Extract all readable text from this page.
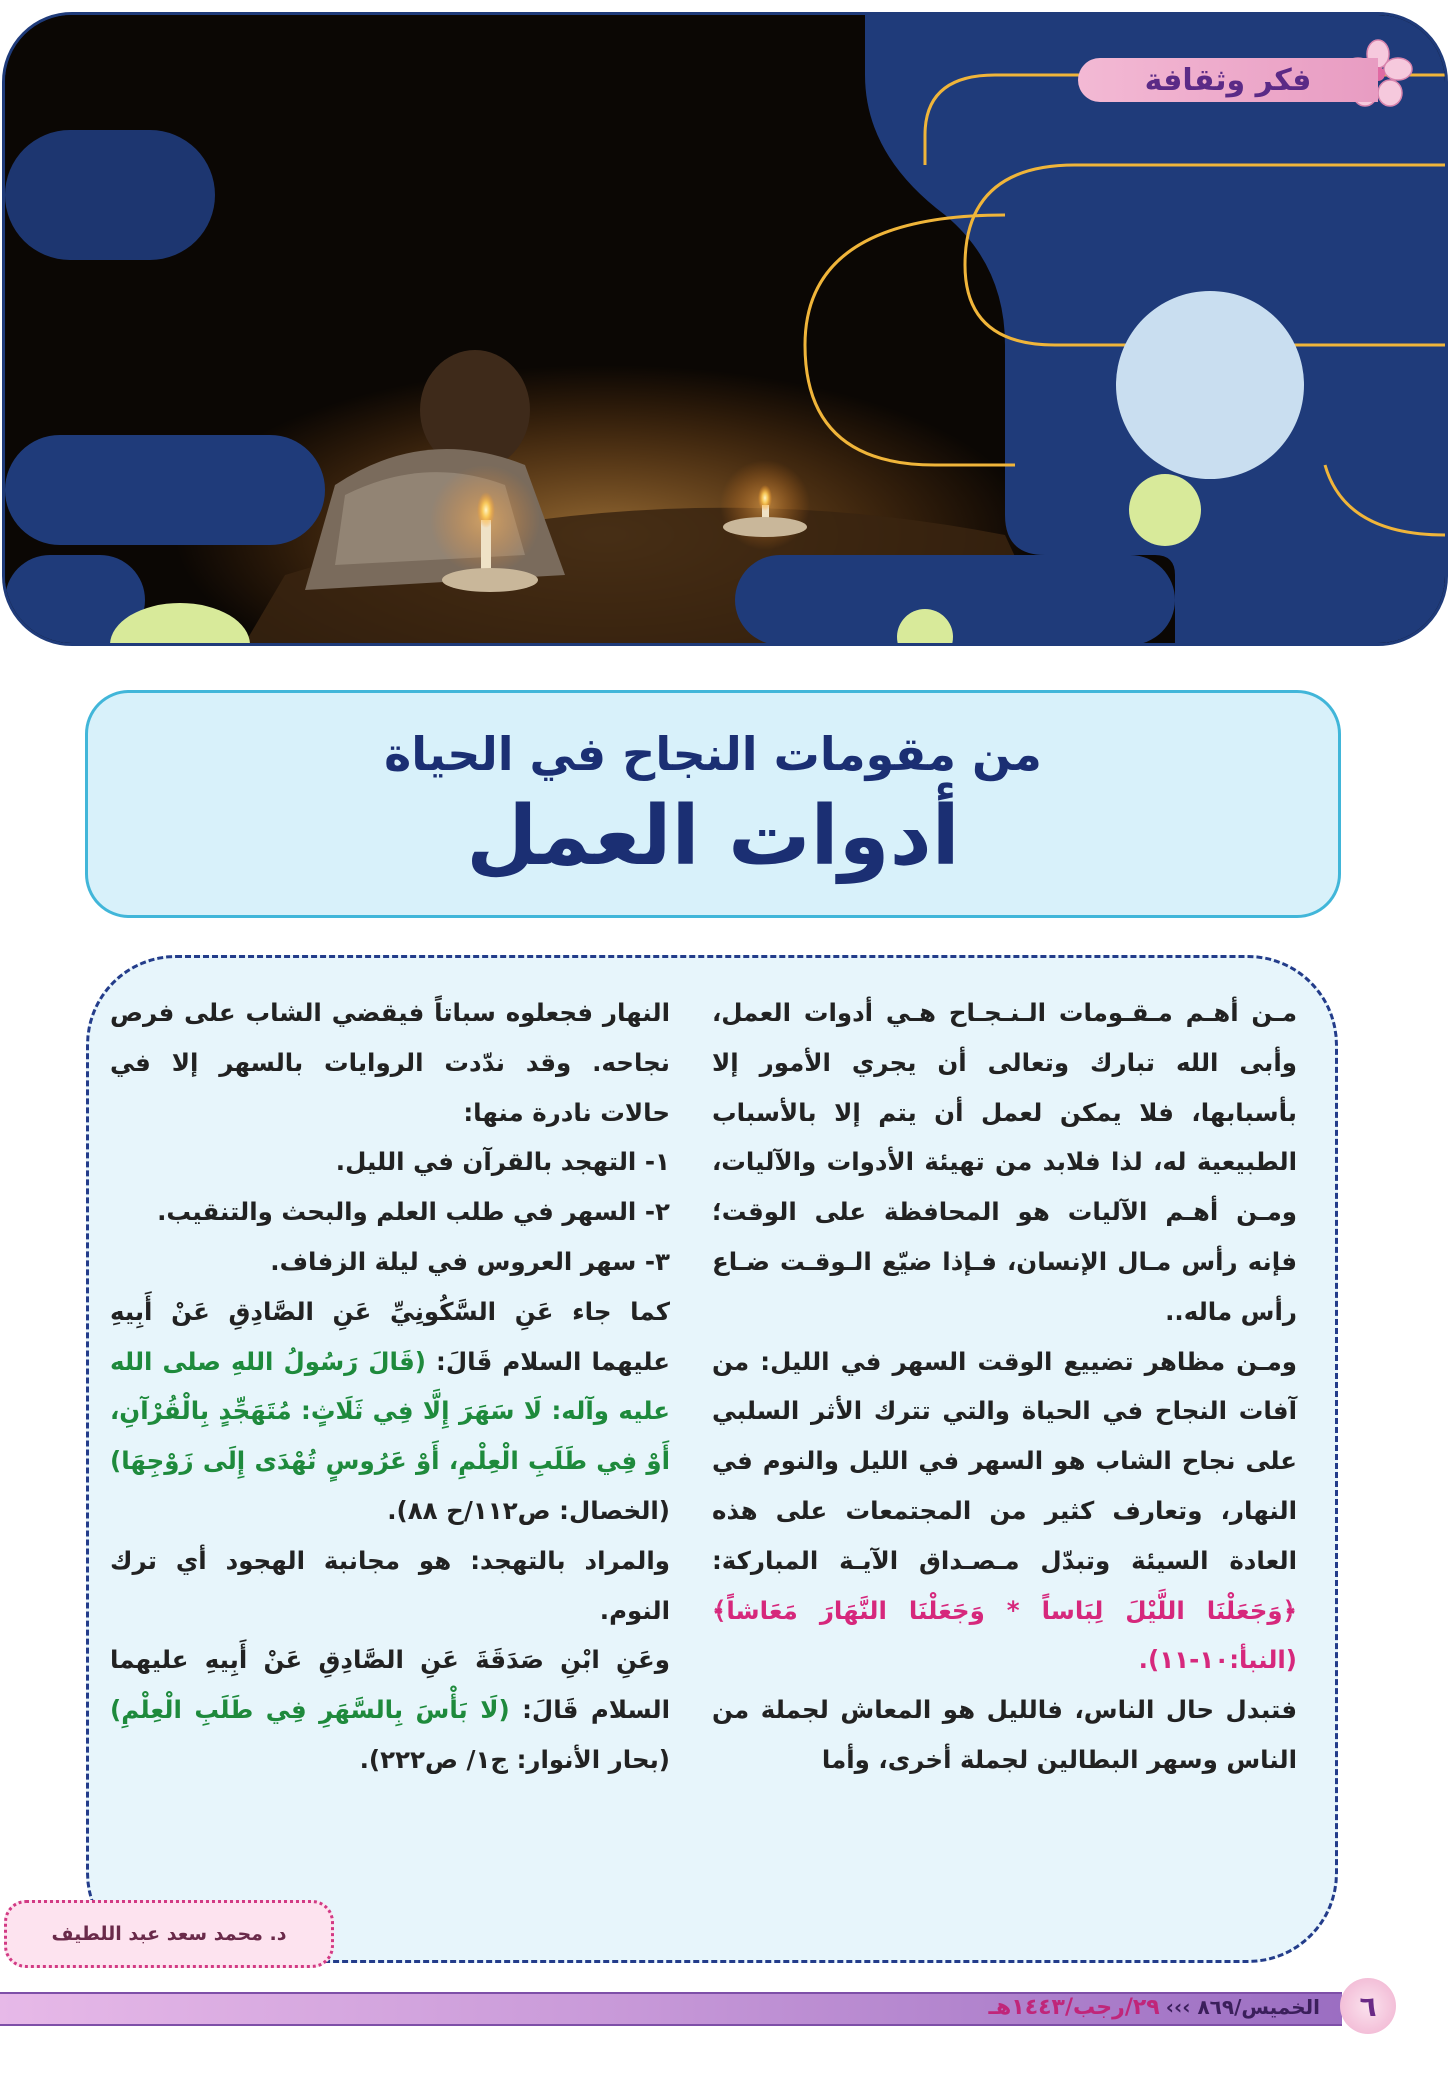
فكر وثقافة
من مقومات النجاح في الحياة
أدوات العمل

مـن أهـم مـقـومات الـنـجـاح هـي أدوات العمل، وأبى الله تبارك وتعالى أن يجري الأمور إلا بأسبابها، فلا يمكن لعمل أن يتم إلا بالأسباب الطبيعية له، لذا فلابد من تهيئة الأدوات والآليات، ومـن أهـم الآليات هو المحافظة على الوقت؛ فإنه رأس مـال الإنسان، فـإذا ضيّع الـوقـت ضـاع رأس ماله..

ومـن مظاهر تضييع الوقت السهر في الليل: من آفات النجاح في الحياة والتي تترك الأثر السلبي على نجاح الشاب هو السهر في الليل والنوم في النهار، وتعارف كثير من المجتمعات على هذه العادة السيئة وتبدّل مـصـداق الآيـة المباركة: ﴿وَجَعَلْنَا اللَّيْلَ لِبَاساً * وَجَعَلْنَا النَّهَارَ مَعَاشاً﴾ (النبأ:١٠-١١).

فتبدل حال الناس، فالليل هو المعاش لجملة من الناس وسهر البطالين لجملة أخرى، وأما

النهار فجعلوه سباتاً فيقضي الشاب على فرص نجاحه. وقد ندّدت الروايات بالسهر إلا في حالات نادرة منها:

١- التهجد بالقرآن في الليل.

٢- السهر في طلب العلم والبحث والتنقيب.

٣- سهر العروس في ليلة الزفاف.

كما جاء عَنِ السَّكُونِيِّ عَنِ الصَّادِقِ عَنْ أَبِيهِ عليهما السلام قَالَ: (قَالَ رَسُولُ اللهِ صلى الله عليه وآله: لَا سَهَرَ إِلَّا فِي ثَلَاثٍ: مُتَهَجِّدٍ بِالْقُرْآنِ، أَوْ فِي طَلَبِ الْعِلْمِ، أَوْ عَرُوسٍ تُهْدَى إِلَى زَوْجِهَا) (الخصال: ص١١٢/ح ٨٨).

والمراد بالتهجد: هو مجانبة الهجود أي ترك النوم.

وعَنِ ابْنِ صَدَقَةَ عَنِ الصَّادِقِ عَنْ أَبِيهِ عليهما السلام قَالَ: (لَا بَأْسَ بِالسَّهَرِ فِي طَلَبِ الْعِلْمِ) (بحار الأنوار: ج١/ ص٢٢٢).

د. محمد سعد عبد اللطيف
الخميس/٨٦٩ ›››
٢٩/رجب/١٤٤٣هـ	٦
